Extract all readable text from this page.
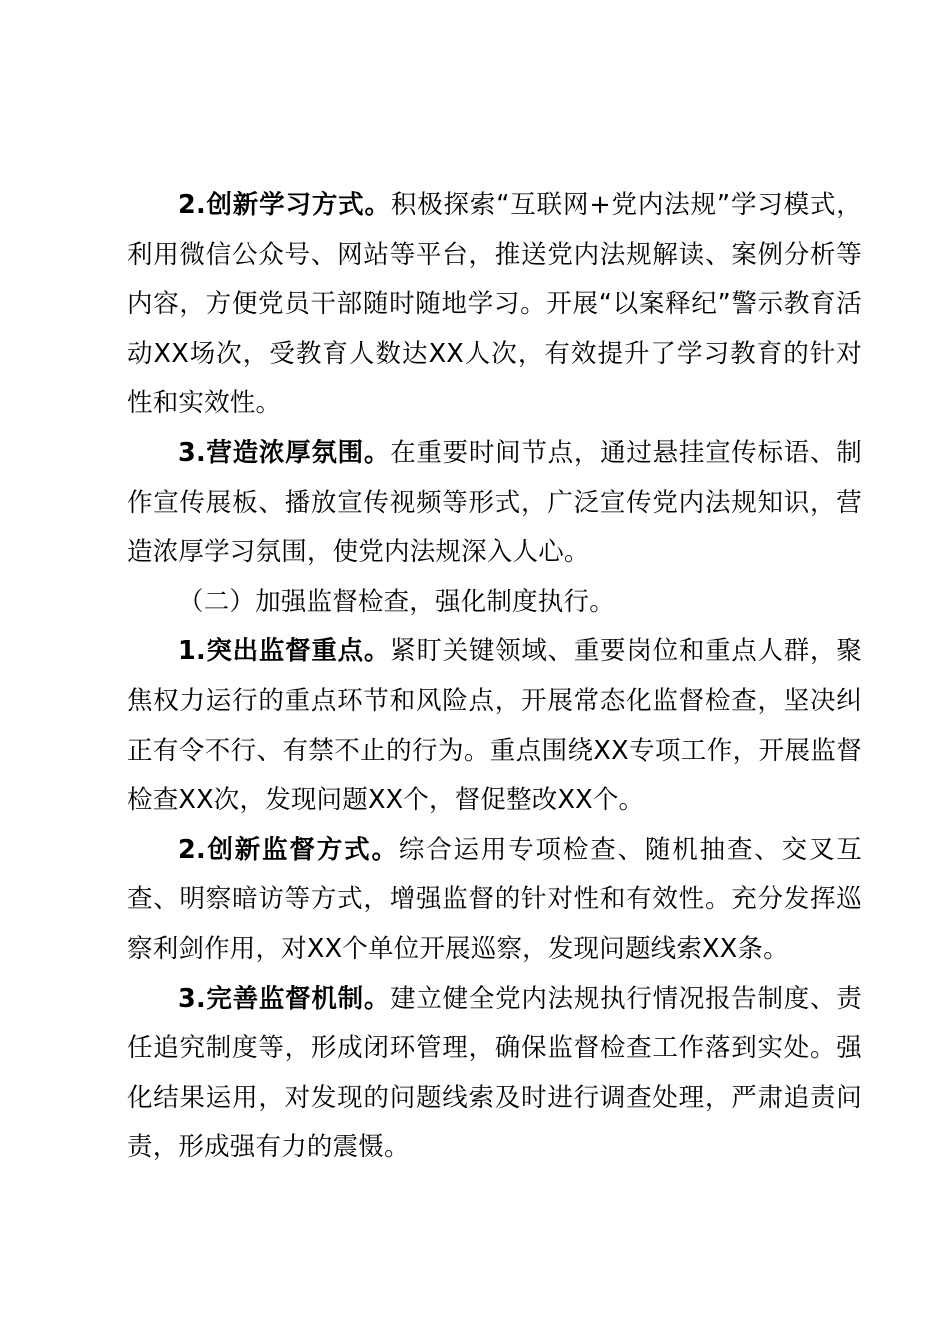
2.创新学习方式。积极探索“互联网+党内法规”学习模式，利用微信公众号、网站等平台，推送党内法规解读、案例分析等内容，方便党员干部随时随地学习。开展“以案释纪”警示教育活动XX场次，受教育人数达XX人次，有效提升了学习教育的针对性和实效性。

3.营造浓厚氛围。在重要时间节点，通过悬挂宣传标语、制作宣传展板、播放宣传视频等形式，广泛宣传党内法规知识，营造浓厚学习氛围，使党内法规深入人心。

（二）加强监督检查，强化制度执行。

1.突出监督重点。紧盯关键领域、重要岗位和重点人群，聚焦权力运行的重点环节和风险点，开展常态化监督检查，坚决纠正有令不行、有禁不止的行为。重点围绕XX专项工作，开展监督检查XX次，发现问题XX个，督促整改XX个。

2.创新监督方式。综合运用专项检查、随机抽查、交叉互查、明察暗访等方式，增强监督的针对性和有效性。充分发挥巡察利剑作用，对XX个单位开展巡察，发现问题线索XX条。

3.完善监督机制。建立健全党内法规执行情况报告制度、责任追究制度等，形成闭环管理，确保监督检查工作落到实处。强化结果运用，对发现的问题线索及时进行调查处理，严肃追责问责，形成强有力的震慑。
